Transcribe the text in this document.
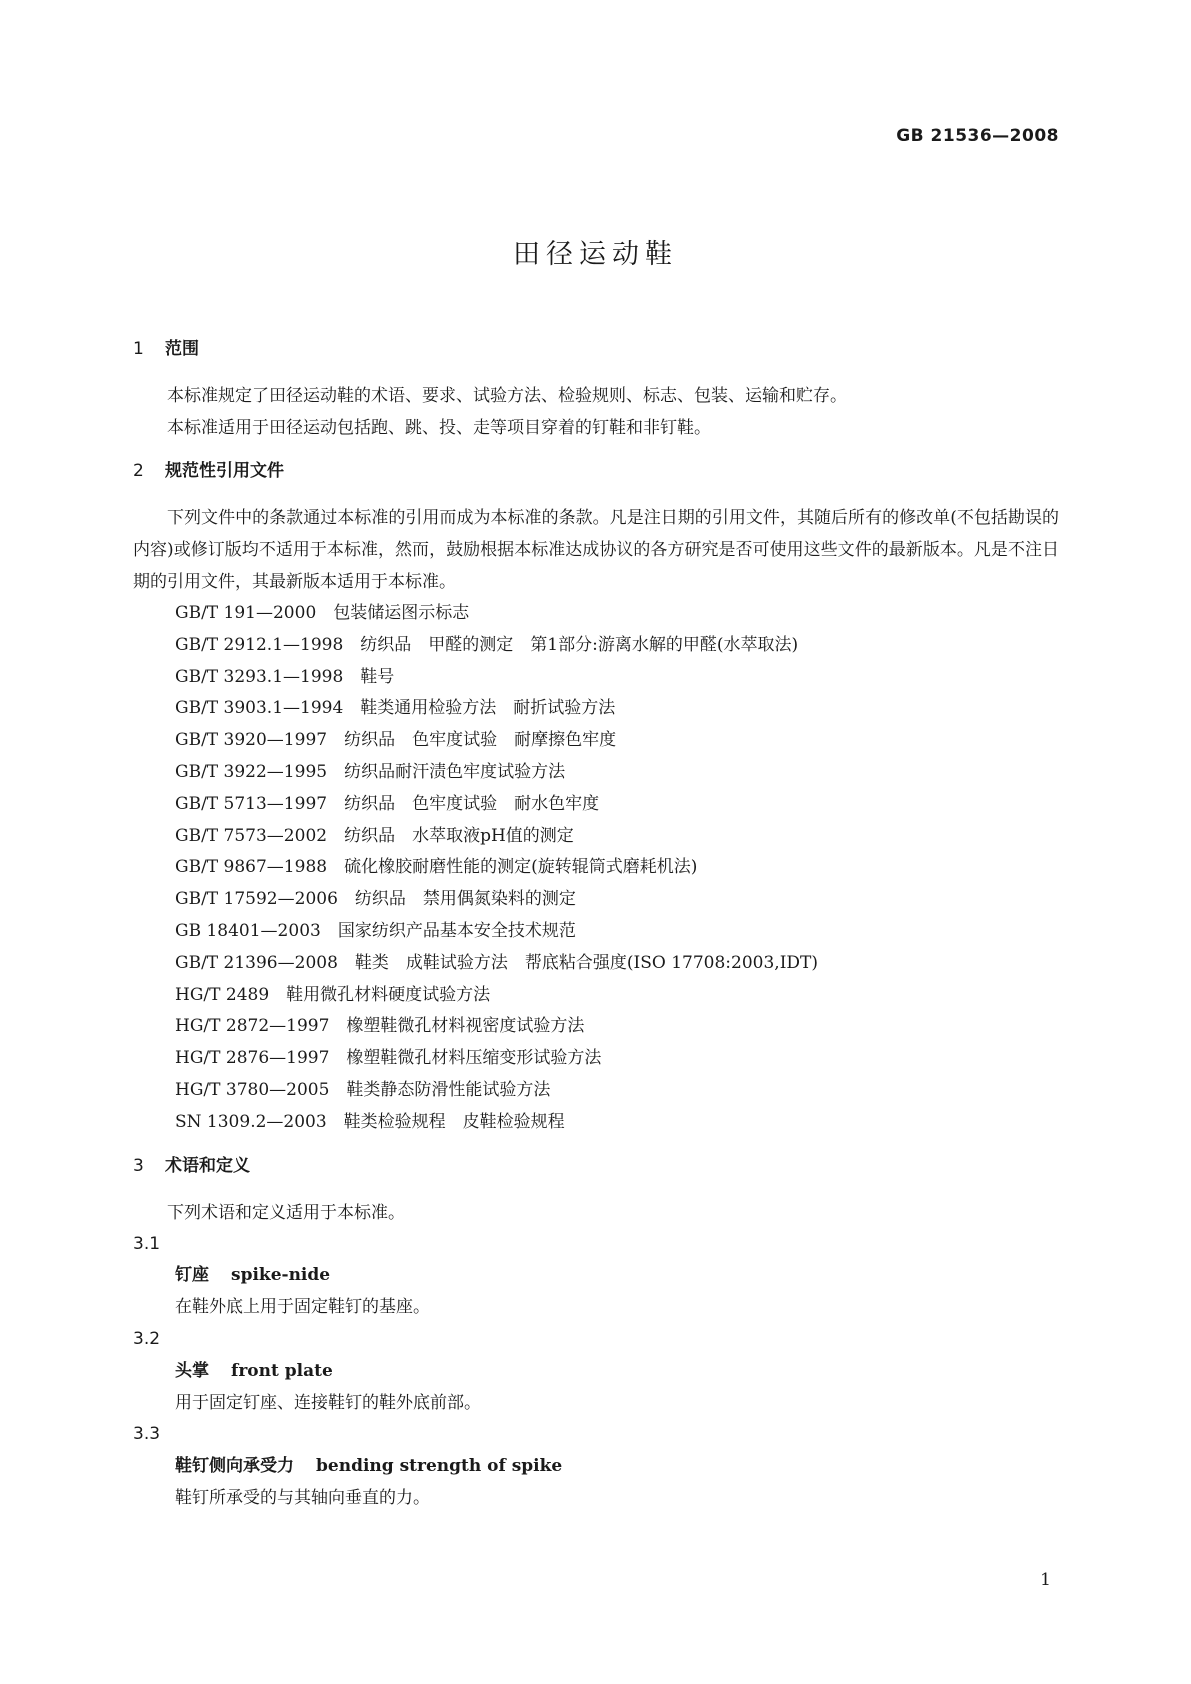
GB 21536—2008
田径运动鞋
1 范围
本标准规定了田径运动鞋的术语、要求、试验方法、检验规则、标志、包装、运输和贮存。
本标准适用于田径运动包括跑、跳、投、走等项目穿着的钉鞋和非钉鞋。
2 规范性引用文件
下列文件中的条款通过本标准的引用而成为本标准的条款。凡是注日期的引用文件，其随后所有的修改单(不包括勘误的内容)或修订版均不适用于本标准，然而，鼓励根据本标准达成协议的各方研究是否可使用这些文件的最新版本。凡是不注日期的引用文件，其最新版本适用于本标准。
GB/T 191—2000　包装储运图示标志
GB/T 2912.1—1998　纺织品　甲醛的测定　第1部分:游离水解的甲醛(水萃取法)
GB/T 3293.1—1998　鞋号
GB/T 3903.1—1994　鞋类通用检验方法　耐折试验方法
GB/T 3920—1997　纺织品　色牢度试验　耐摩擦色牢度
GB/T 3922—1995　纺织品耐汗渍色牢度试验方法
GB/T 5713—1997　纺织品　色牢度试验　耐水色牢度
GB/T 7573—2002　纺织品　水萃取液pH值的测定
GB/T 9867—1988　硫化橡胶耐磨性能的测定(旋转辊筒式磨耗机法)
GB/T 17592—2006　纺织品　禁用偶氮染料的测定
GB 18401—2003　国家纺织产品基本安全技术规范
GB/T 21396—2008　鞋类　成鞋试验方法　帮底粘合强度(ISO 17708:2003,IDT)
HG/T 2489　鞋用微孔材料硬度试验方法
HG/T 2872—1997　橡塑鞋微孔材料视密度试验方法
HG/T 2876—1997　橡塑鞋微孔材料压缩变形试验方法
HG/T 3780—2005　鞋类静态防滑性能试验方法
SN 1309.2—2003　鞋类检验规程　皮鞋检验规程
3 术语和定义
下列术语和定义适用于本标准。
3.1
钉座 spike-nide
在鞋外底上用于固定鞋钉的基座。
3.2
头掌 front plate
用于固定钉座、连接鞋钉的鞋外底前部。
3.3
鞋钉侧向承受力 bending strength of spike
鞋钉所承受的与其轴向垂直的力。
1
